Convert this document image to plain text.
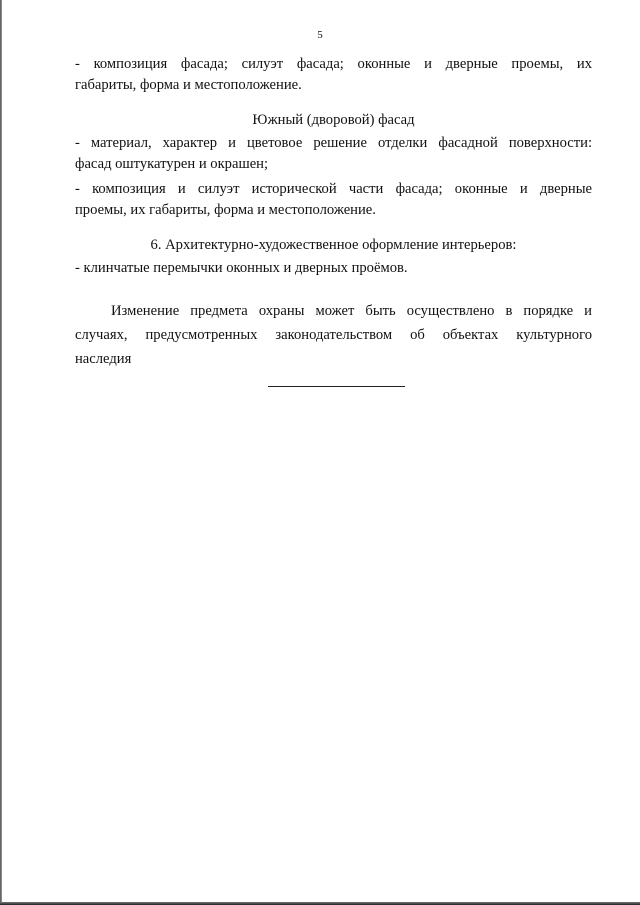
5
- композиция фасада; силуэт фасада; оконные и дверные проемы, их
габариты, форма и местоположение.
Южный (дворовой) фасад
- материал, характер и цветовое решение отделки фасадной поверхности:
фасад оштукатурен и окрашен;
- композиция и силуэт исторической части фасада; оконные и дверные
проемы, их габариты, форма и местоположение.
6. Архитектурно-художественное оформление интерьеров:
- клинчатые перемычки оконных и дверных проёмов.
Изменение предмета охраны может быть осуществлено в порядке и
случаях, предусмотренных законодательством об объектах культурного
наследия
